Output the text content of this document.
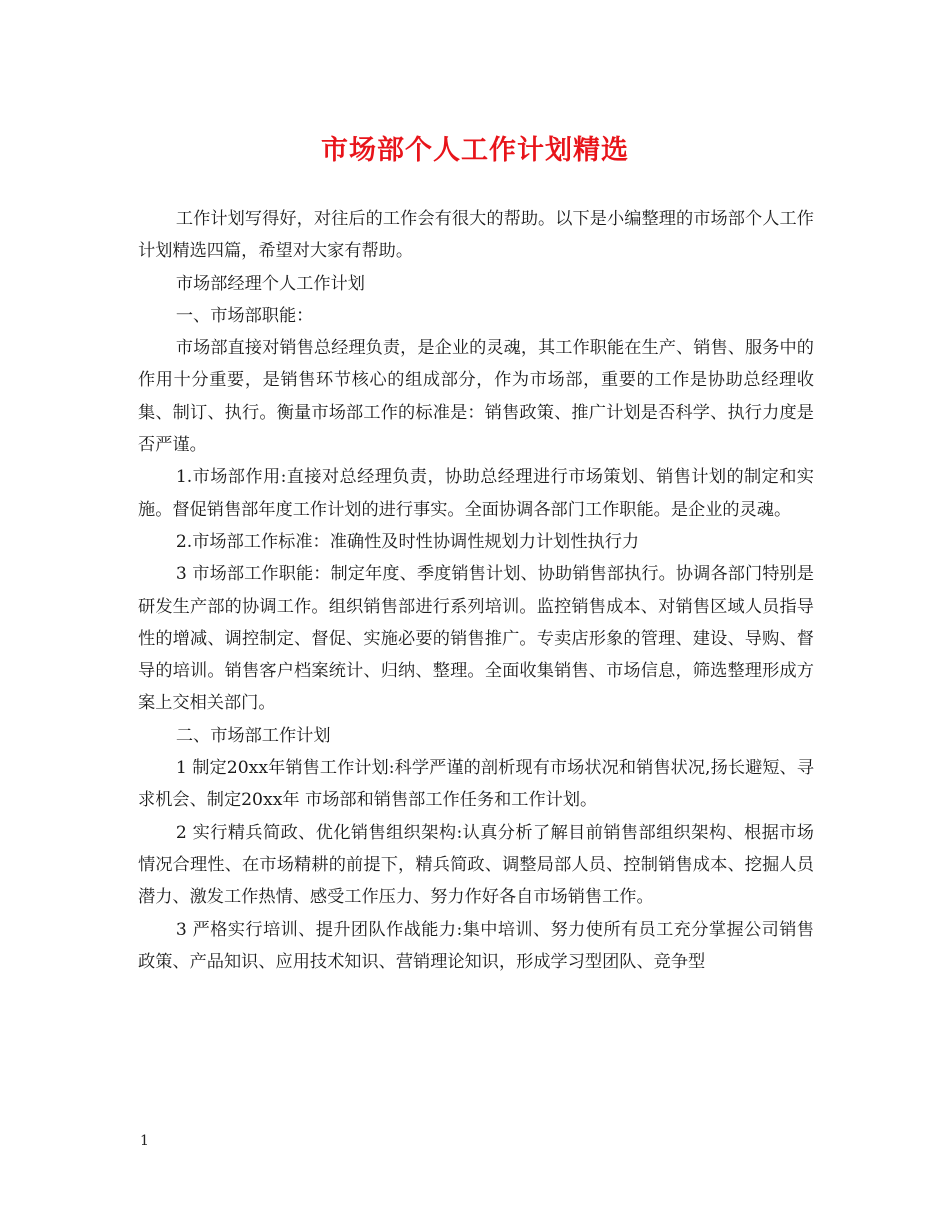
市场部个人工作计划精选

工作计划写得好，对往后的工作会有很大的帮助。以下是小编整理的市场部个人工作计划精选四篇，希望对大家有帮助。

市场部经理个人工作计划

一、市场部职能：

市场部直接对销售总经理负责，是企业的灵魂，其工作职能在生产、销售、服务中的作用十分重要，是销售环节核心的组成部分，作为市场部，重要的工作是协助总经理收集、制订、执行。衡量市场部工作的标准是：销售政策、推广计划是否科学、执行力度是否严谨。

1.市场部作用:直接对总经理负责，协助总经理进行市场策划、销售计划的制定和实施。督促销售部年度工作计划的进行事实。全面协调各部门工作职能。是企业的灵魂。

2.市场部工作标准：准确性及时性协调性规划力计划性执行力

3 市场部工作职能：制定年度、季度销售计划、协助销售部执行。协调各部门特别是研发生产部的协调工作。组织销售部进行系列培训。监控销售成本、对销售区域人员指导性的增减、调控制定、督促、实施必要的销售推广。专卖店形象的管理、建设、导购、督导的培训。销售客户档案统计、归纳、整理。全面收集销售、市场信息，筛选整理形成方案上交相关部门。

二、市场部工作计划

1 制定20xx年销售工作计划:科学严谨的剖析现有市场状况和销售状况,扬长避短、寻求机会、制定20xx年 市场部和销售部工作任务和工作计划。

2 实行精兵简政、优化销售组织架构:认真分析了解目前销售部组织架构、根据市场情况合理性、在市场精耕的前提下，精兵简政、调整局部人员、控制销售成本、挖掘人员潜力、激发工作热情、感受工作压力、努力作好各自市场销售工作。

3 严格实行培训、提升团队作战能力:集中培训、努力使所有员工充分掌握公司销售政策、产品知识、应用技术知识、营销理论知识，形成学习型团队、竞争型

1
